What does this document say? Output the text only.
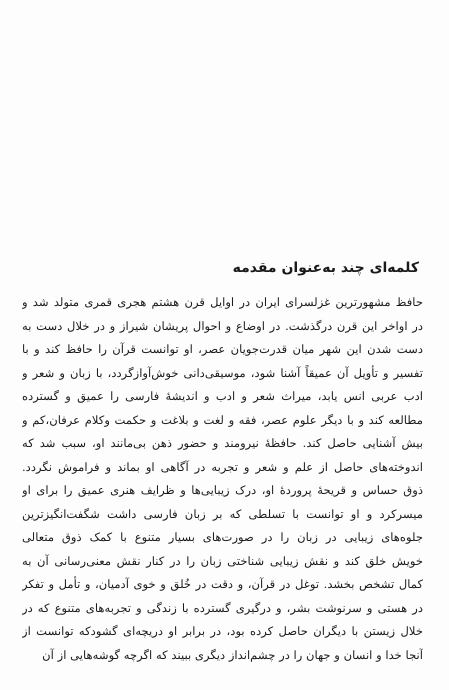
کلمه‌ای چند به‌عنوان مقدمه
حافظ مشهورترین غزلسرای ایران در اوایل قرن هشتم هجری قمری متولد شد و
در اواخر این قرن درگذشت. در اوضاع و احوال پریشان شیراز و در خلال دست به
دست شدن این شهر میان قدرت‌جویان عصر، او توانست قرآن را حافظ کند و با
تفسیر و تأویل آن عمیقاً آشنا شود، موسیقی‌دانی خوش‌آوازگردد، با زبان و شعر و
ادب عربی انس یابد، میراث شعر و ادب و اندیشهٔ فارسی را عمیق و گسترده
مطالعه کند و با دیگر علوم عصر، فقه و لغت و بلاغت و حکمت وکلام عرفان،کم و
بیش آشنایی حاصل کند. حافظهٔ نیرومند و حضور ذهن بی‌مانند او، سبب شد که
اندوخته‌های حاصل از علم و شعر و تجربه در آگاهی او بماند و فراموش نگردد.
ذوق حساس و قریحهٔ پروردهٔ او، درک زیبایی‌ها و ظرایف هنری عمیق را برای او
میسرکرد و او توانست با تسلطی که بر زبان فارسی داشت شگفت‌انگیزترین
جلوه‌های زیبایی در زبان را در صورت‌های بسیار متنوع با کمک ذوق متعالی
خویش خلق کند و نقش زیبایی شناختی زبان را در کنار نقش معنی‌رسانی آن به
کمال تشخص بخشد. توغل در قرآن، و دقت در خُلق و خوی آدمیان، و تأمل و تفکر
در هستی و سرنوشت بشر، و درگیری گسترده با زندگی و تجربه‌های متنوع که در
خلال زیستن با دیگران حاصل کرده بود، در برابر او دریچه‌ای گشودکه توانست از
آنجا خدا و انسان و جهان را در چشم‌انداز دیگری ببیند که اگرچه گوشه‌هایی از آن
